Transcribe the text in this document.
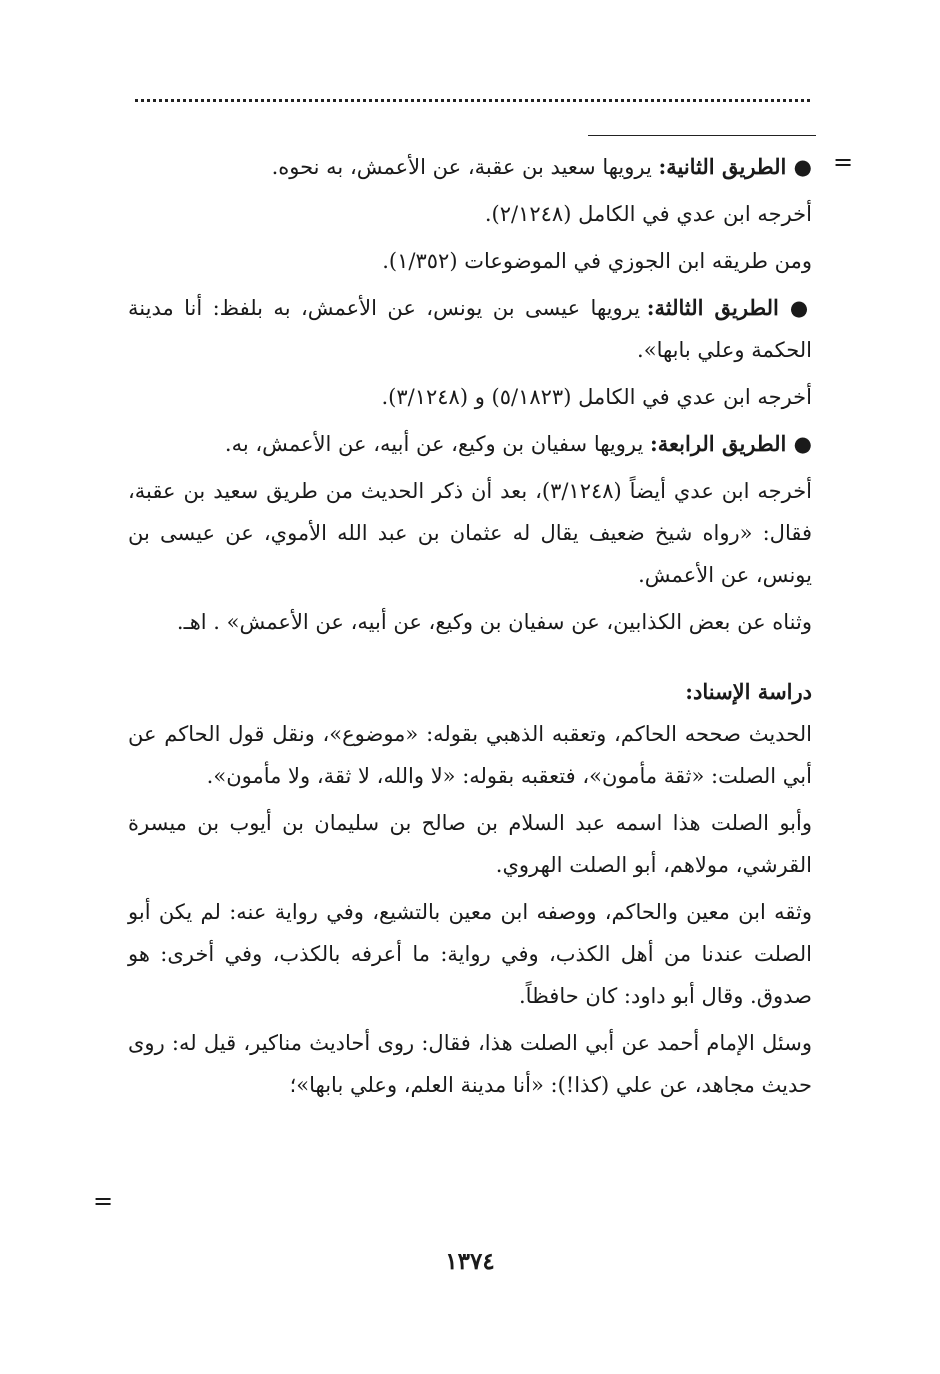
=
=

● الطريق الثانية: يرويها سعيد بن عقبة، عن الأعمش، به نحوه.

أخرجه ابن عدي في الكامل (٢/١٢٤٨).

ومن طريقه ابن الجوزي في الموضوعات (١/٣٥٢).

● الطريق الثالثة: يرويها عيسى بن يونس، عن الأعمش، به بلفظ: أنا مدينة الحكمة وعلي بابها».

أخرجه ابن عدي في الكامل (٥/١٨٢٣) و (٣/١٢٤٨).

● الطريق الرابعة: يرويها سفيان بن وكيع، عن أبيه، عن الأعمش، به.

أخرجه ابن عدي أيضاً (٣/١٢٤٨)، بعد أن ذكر الحديث من طريق سعيد بن عقبة، فقال: «رواه شيخ ضعيف يقال له عثمان بن عبد الله الأموي، عن عيسى بن يونس، عن الأعمش.

وثناه عن بعض الكذابين، عن سفيان بن وكيع، عن أبيه، عن الأعمش» . اهـ.

دراسة الإسناد:

الحديث صححه الحاكم، وتعقبه الذهبي بقوله: «موضوع»، ونقل قول الحاكم عن أبي الصلت: «ثقة مأمون»، فتعقبه بقوله: «لا والله، لا ثقة، ولا مأمون».

وأبو الصلت هذا اسمه عبد السلام بن صالح بن سليمان بن أيوب بن ميسرة القرشي، مولاهم، أبو الصلت الهروي.

وثقه ابن معين والحاكم، ووصفه ابن معين بالتشيع، وفي رواية عنه: لم يكن أبو الصلت عندنا من أهل الكذب، وفي رواية: ما أعرفه بالكذب، وفي أخرى: هو صدوق. وقال أبو داود: كان حافظاً.

وسئل الإمام أحمد عن أبي الصلت هذا، فقال: روى أحاديث مناكير، قيل له: روى حديث مجاهد، عن علي (كذا!): «أنا مدينة العلم، وعلي بابها»؛

١٣٧٤
